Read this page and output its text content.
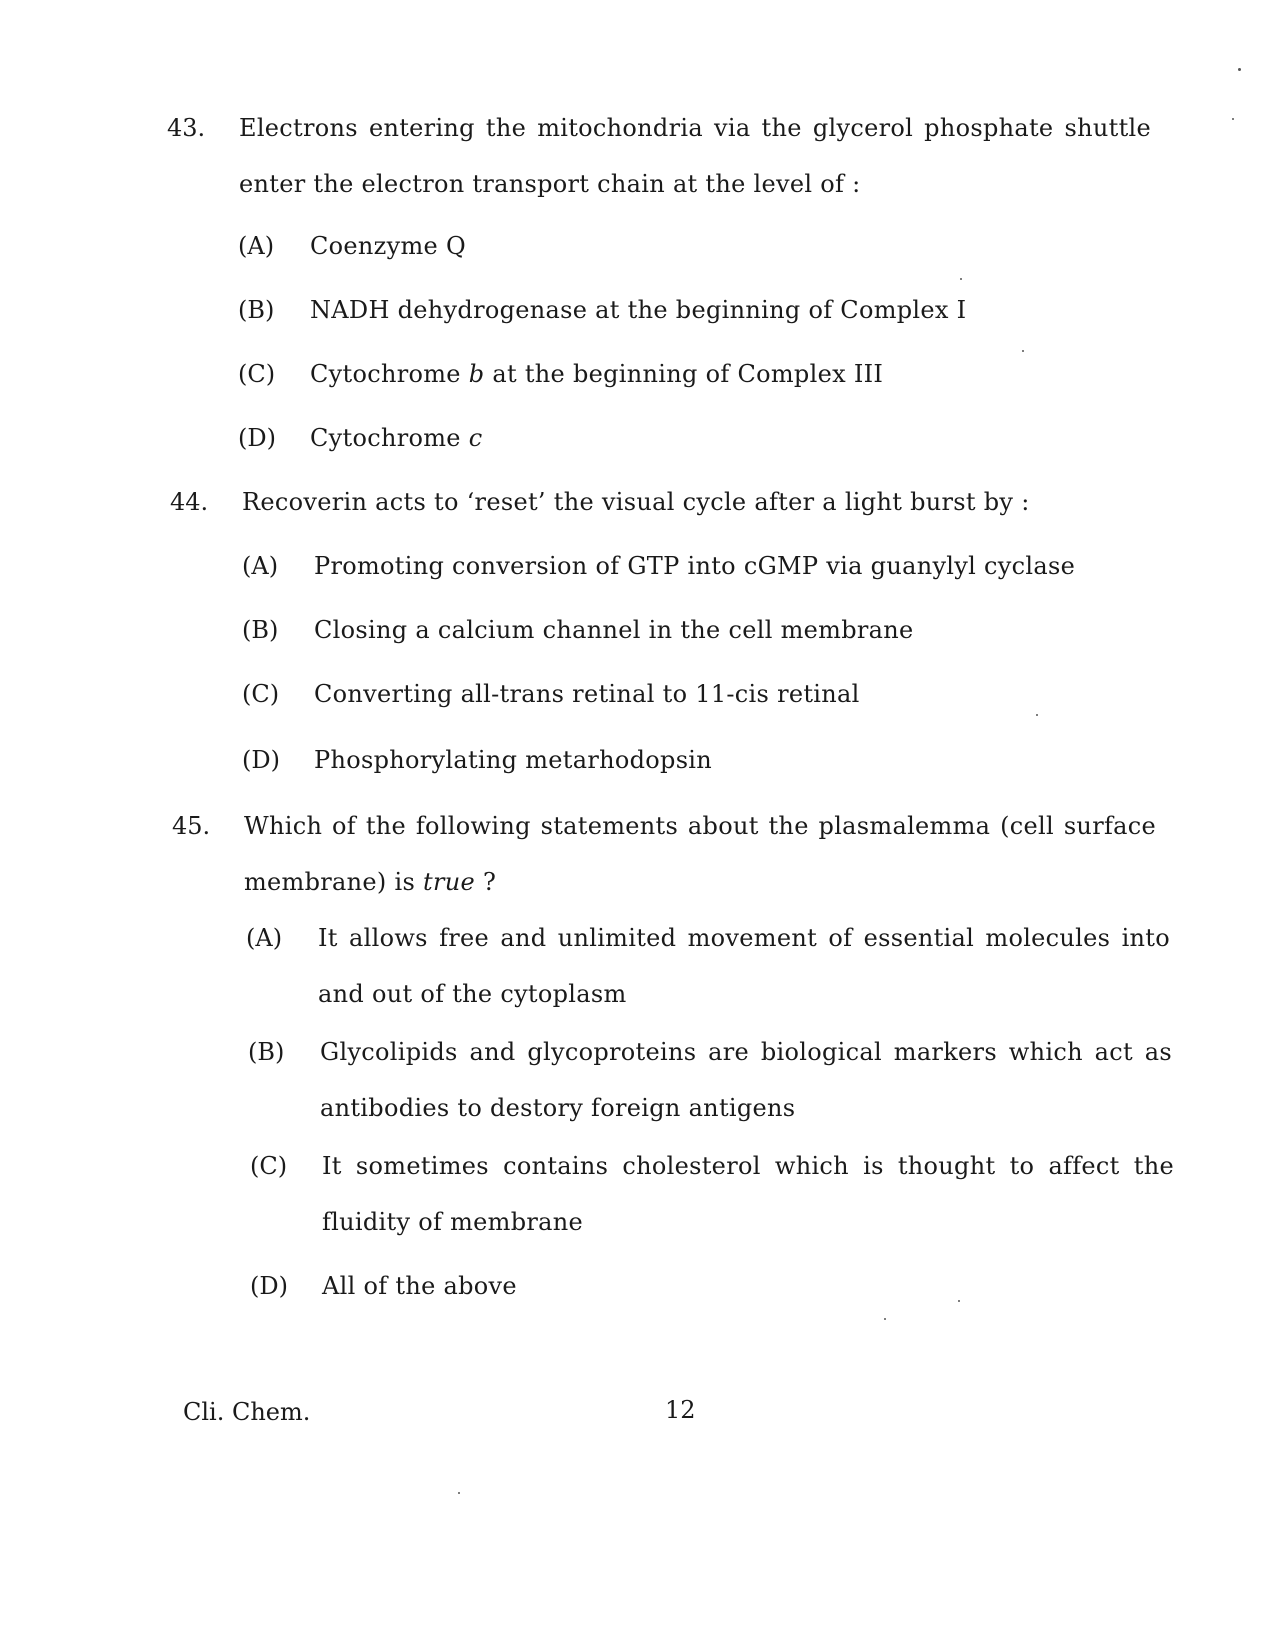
43.	Electrons entering the mitochondria via the glycerol phosphate shuttle enter the electron transport chain at the level of :
(A)	Coenzyme Q
(B)	NADH dehydrogenase at the beginning of Complex I
(C)	Cytochrome b at the beginning of Complex III
(D)	Cytochrome c
44.	Recoverin acts to ‘reset’ the visual cycle after a light burst by :
(A)	Promoting conversion of GTP into cGMP via guanylyl cyclase
(B)	Closing a calcium channel in the cell membrane
(C)	Converting all-trans retinal to 11-cis retinal
(D)	Phosphorylating metarhodopsin
45.	Which of the following statements about the plasmalemma (cell surface membrane) is true ?
(A)	It allows free and unlimited movement of essential molecules into and out of the cytoplasm
(B)	Glycolipids and glycoproteins are biological markers which act as antibodies to destory foreign antigens
(C)	It sometimes contains cholesterol which is thought to affect the fluidity of membrane
(D)	All of the above
Cli. Chem.	12
